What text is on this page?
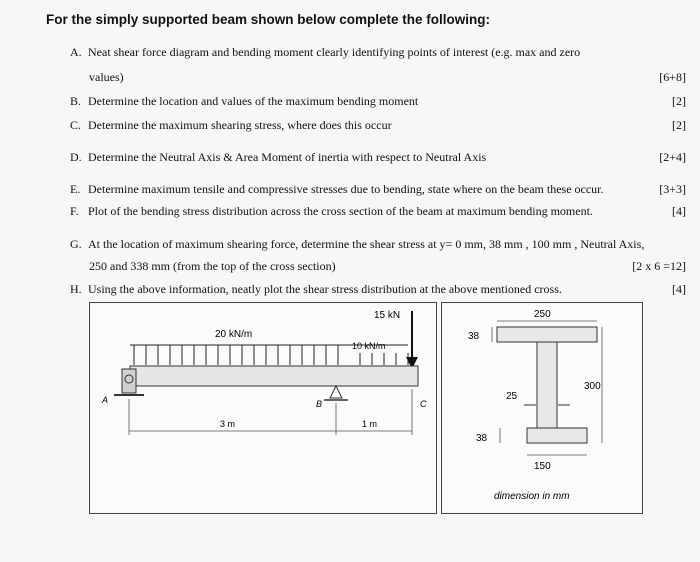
For the simply supported beam shown below complete the following:
A. Neat shear force diagram and bending moment clearly identifying points of interest (e.g. max and zero
values)	[6+8]
B. Determine the location and values of the maximum bending moment	[2]
C. Determine the maximum shearing stress, where does this occur	[2]
D. Determine the Neutral Axis & Area Moment of inertia with respect to Neutral Axis	[2+4]
E. Determine maximum tensile and compressive stresses due to bending, state where on the beam these occur.	[3+3]
F. Plot of the bending stress distribution across the cross section of the beam at maximum bending moment.	[4]
G. At the location of maximum shearing force, determine the shear stress at y= 0 mm, 38 mm , 100 mm , Neutral Axis,
250 and 338 mm (from the top of the cross section)	[2 x 6 =12]
H. Using the above information, neatly plot the shear stress distribution at the above mentioned cross.	[4]
15 kN
20 kN/m
10 kN/m
A	B	C
3 m	1 m
250
38
25
300
38
150
dimension in mm
